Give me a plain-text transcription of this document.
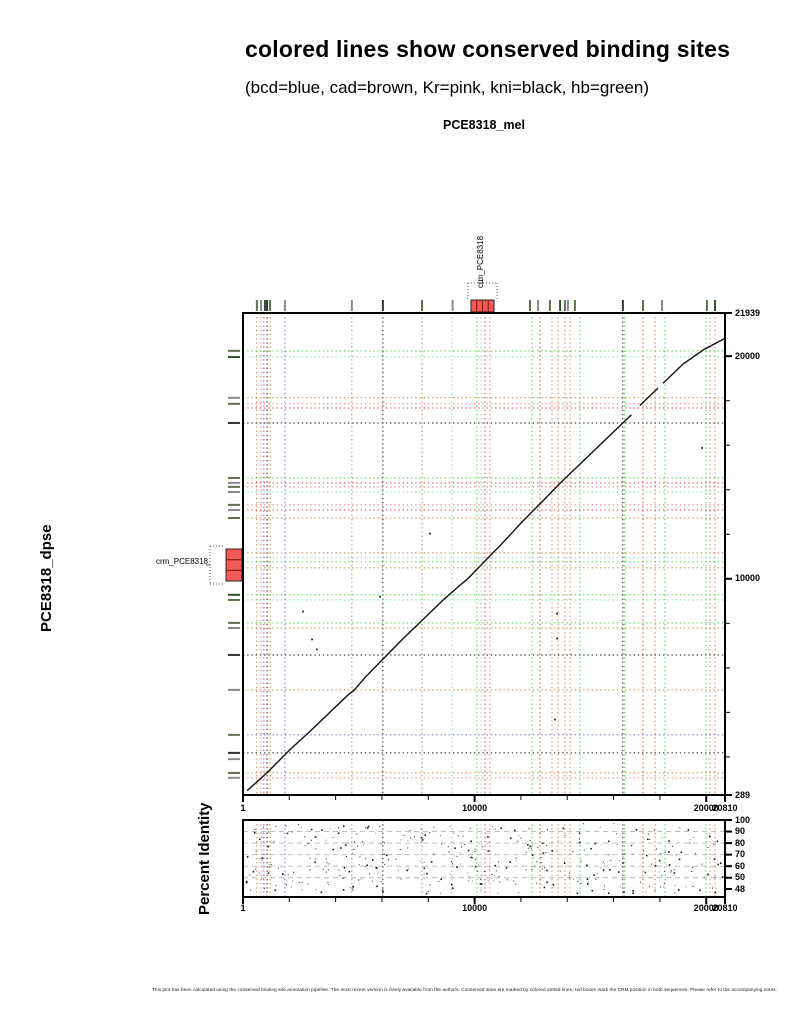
colored lines show conserved binding sites
(bcd=blue, cad=brown, Kr=pink, kni=black, hb=green)
PCE8318_mel
PCE8318_dpse
Percent Identity
crm_PCE8318
crm_PCE8318
21939
20000
10000
289
1	10000	20000
20810
100
90
80
70
60
50
48
1	10000	20000
20810
This plot has been calculated using the conserved binding site annotation pipeline. The most recent version is freely available from the authors. Conserved sites are marked by colored dotted lines, red boxes mark the CRM position in both sequences. Please refer to the accompanying notes.
